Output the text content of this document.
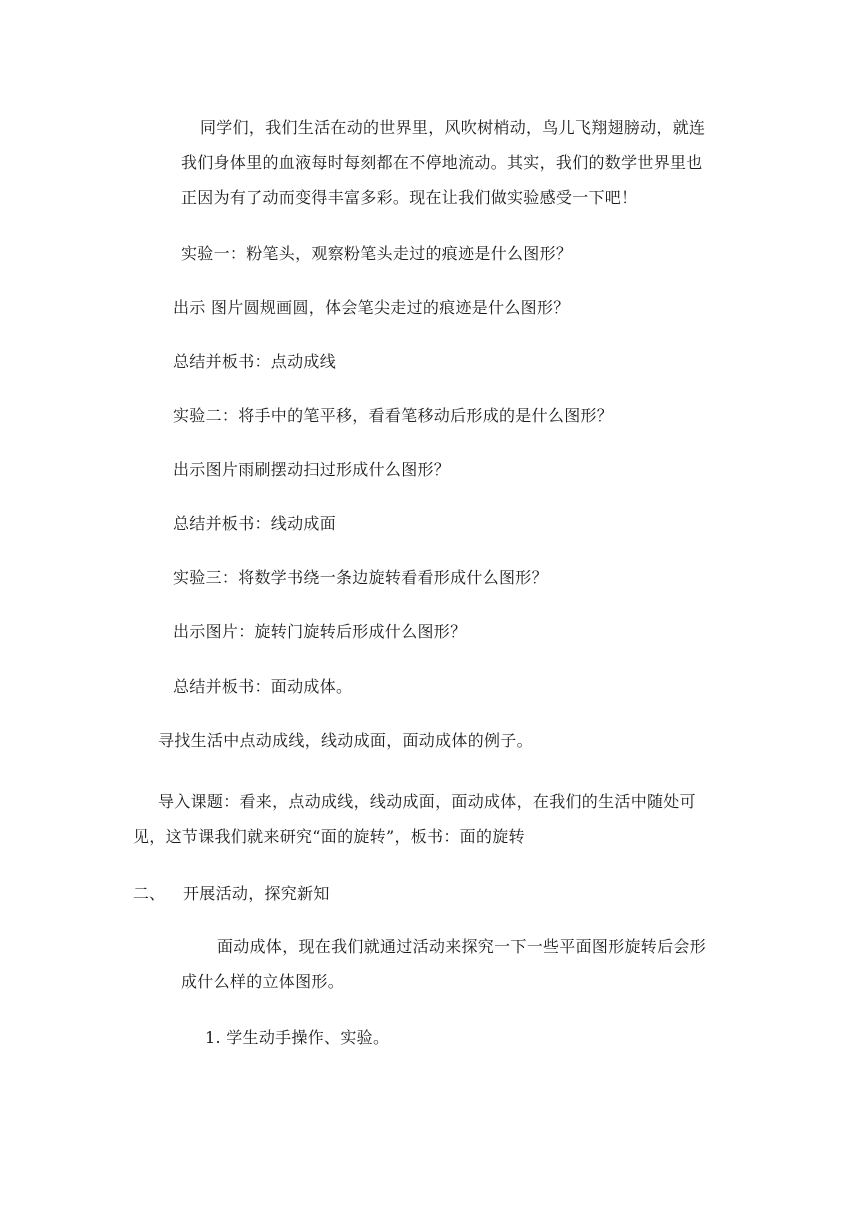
同学们，我们生活在动的世界里，风吹树梢动，鸟儿飞翔翅膀动，就连
我们身体里的血液每时每刻都在不停地流动。其实，我们的数学世界里也
正因为有了动而变得丰富多彩。现在让我们做实验感受一下吧！
实验一：粉笔头，观察粉笔头走过的痕迹是什么图形？
出示 图片圆规画圆，体会笔尖走过的痕迹是什么图形？
总结并板书：点动成线
实验二：将手中的笔平移，看看笔移动后形成的是什么图形？
出示图片雨刷摆动扫过形成什么图形？
总结并板书：线动成面
实验三：将数学书绕一条边旋转看看形成什么图形？
出示图片：旋转门旋转后形成什么图形？
总结并板书：面动成体。
寻找生活中点动成线，线动成面，面动成体的例子。
导入课题：看来，点动成线，线动成面，面动成体，在我们的生活中随处可
见，这节课我们就来研究“面的旋转”，板书：面的旋转
二、 开展活动，探究新知
面动成体，现在我们就通过活动来探究一下一些平面图形旋转后会形
成什么样的立体图形。
1. 学生动手操作、实验。
